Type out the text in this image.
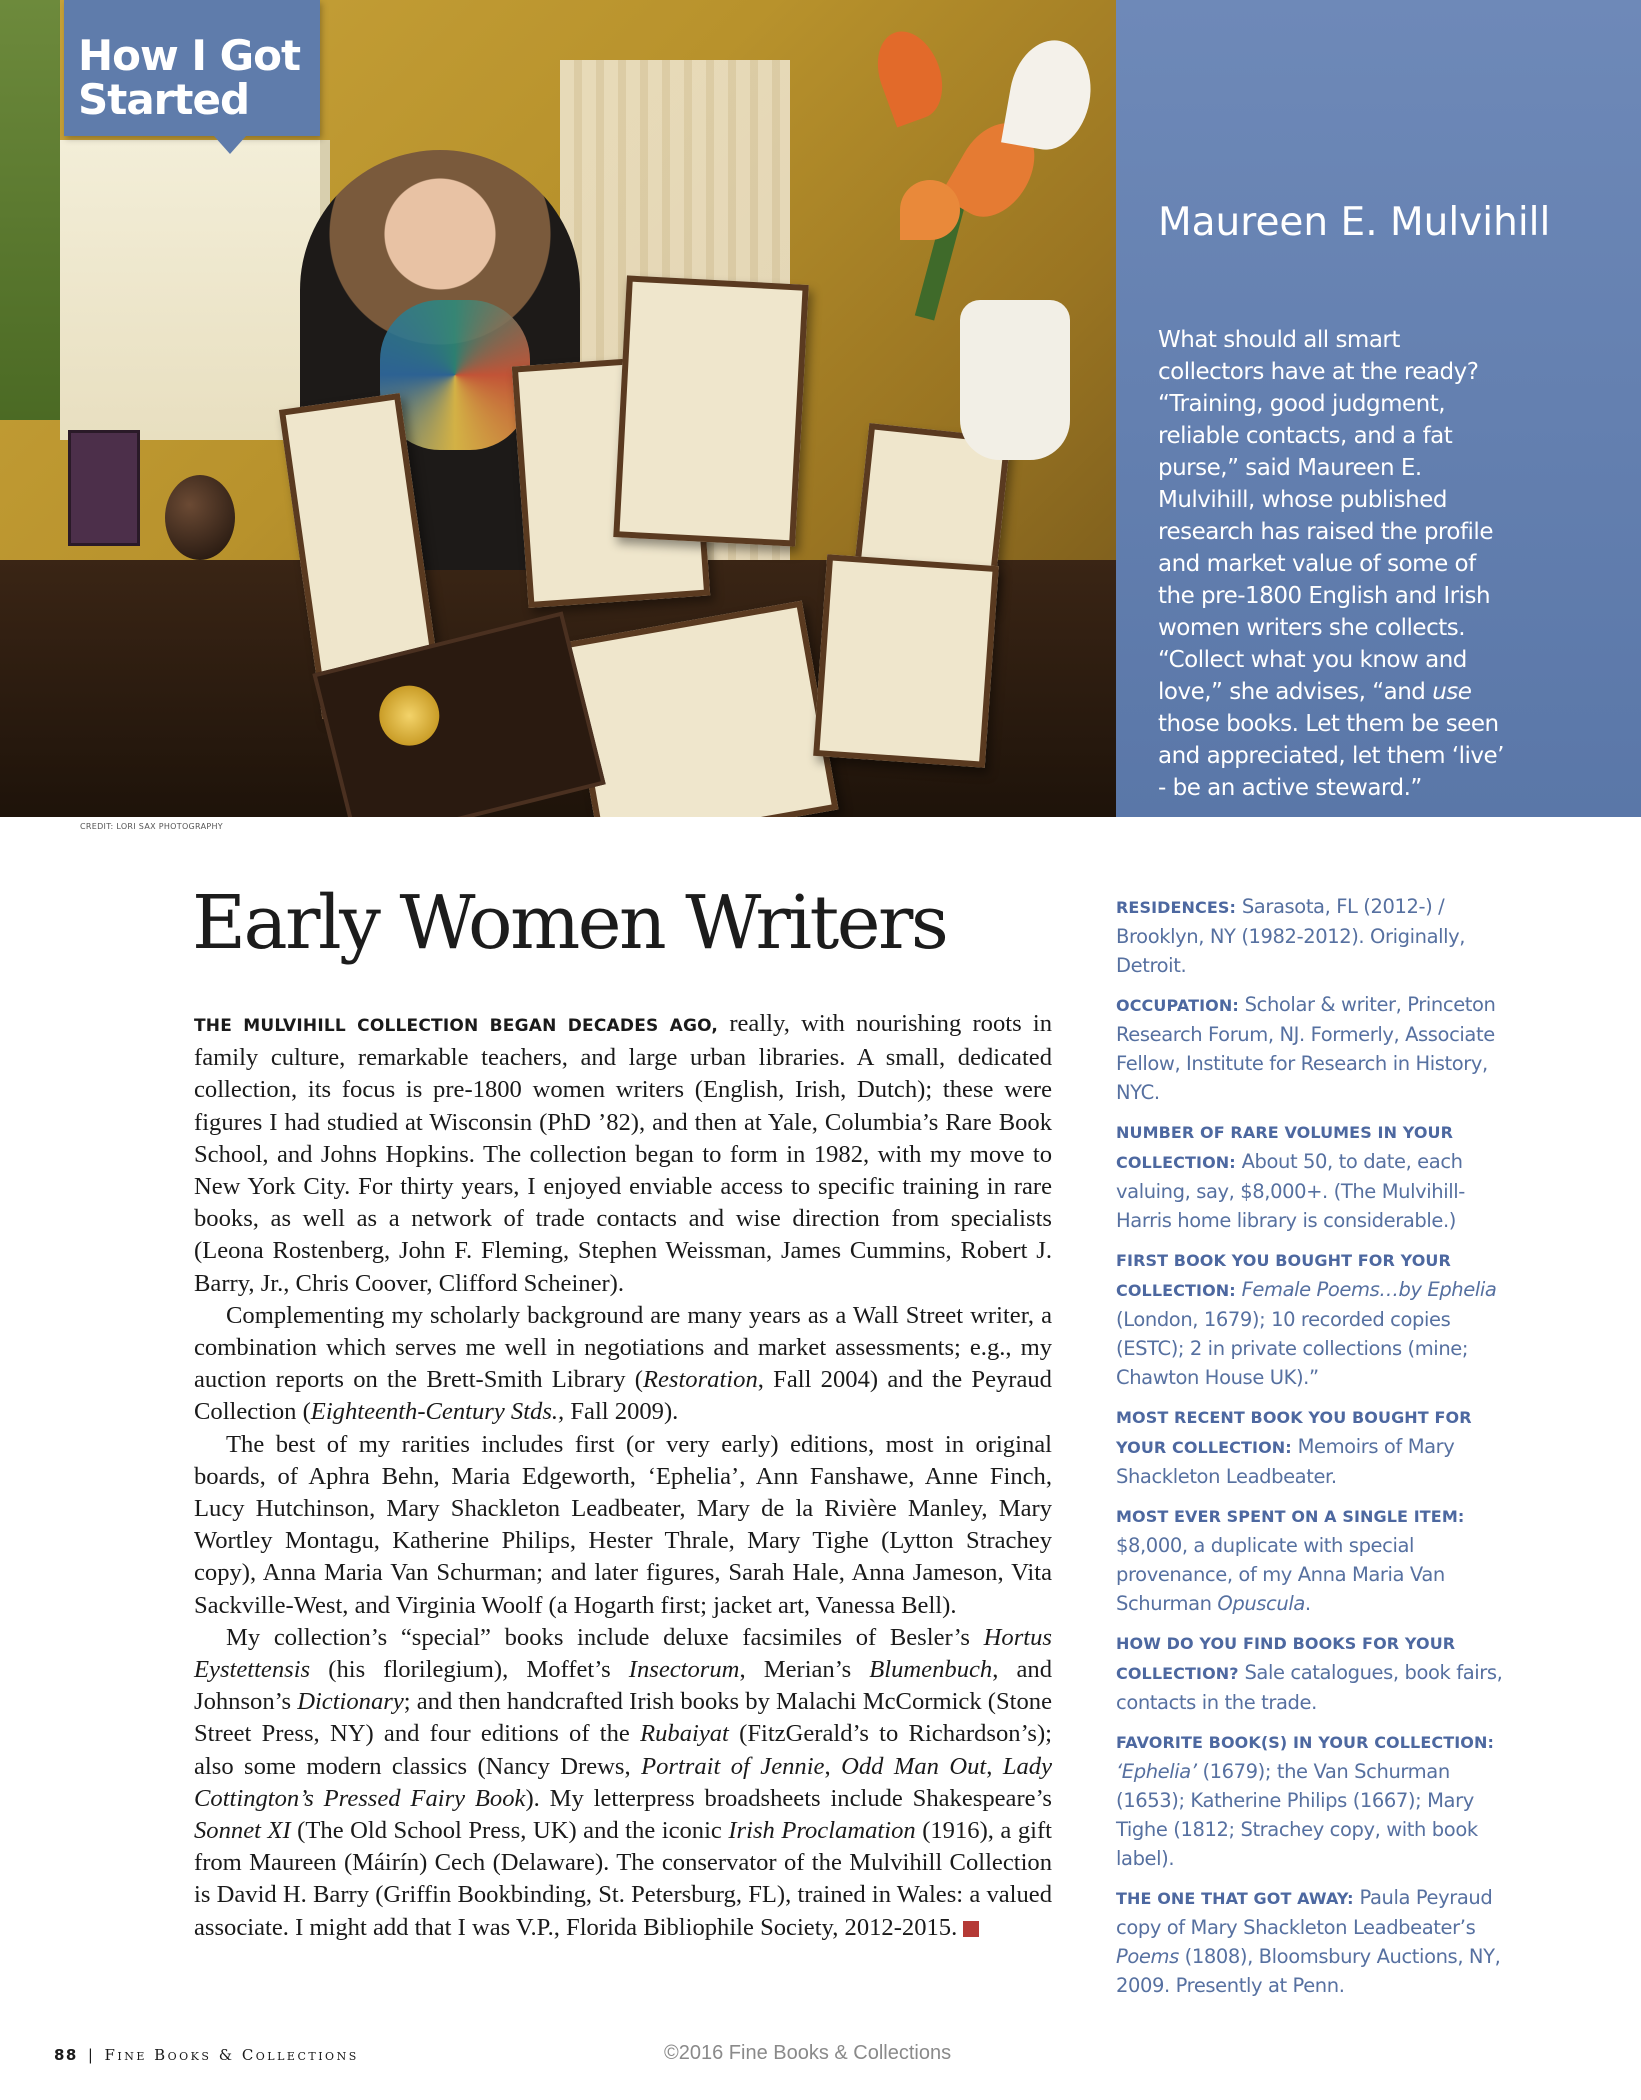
How I Got
Started
CREDIT: LORI SAX PHOTOGRAPHY
Maureen E. Mulvihill
What should all smart collectors have at the ready? “Training, good judgment, reliable contacts, and a fat purse,” said Maureen E. Mulvihill, whose published research has raised the profile and market value of some of the pre-1800 English and Irish women writers she collects. “Collect what you know and love,” she advises, “and use those books. Let them be seen and appreciated, let them ‘live’ - be an active steward.”
Early Women Writers

THE MULVIHILL COLLECTION BEGAN DECADES AGO, really, with nourishing roots in family culture, remarkable teachers, and large urban libraries. A small, dedicated collection, its focus is pre-1800 women writers (English, Irish, Dutch); these were figures I had studied at Wisconsin (PhD ’82), and then at Yale, Columbia’s Rare Book School, and Johns Hopkins. The collection began to form in 1982, with my move to New York City. For thirty years, I enjoyed enviable access to specific training in rare books, as well as a network of trade contacts and wise direction from specialists (Leona Rostenberg, John F. Fleming, Stephen Weissman, James Cummins, Robert J. Barry, Jr., Chris Coover, Clifford Scheiner).

Complementing my scholarly background are many years as a Wall Street writer, a combination which serves me well in negotiations and market assessments; e.g., my auction reports on the Brett-Smith Library (Restoration, Fall 2004) and the Peyraud Collection (Eighteenth-Century Stds., Fall 2009).

The best of my rarities includes first (or very early) editions, most in original boards, of Aphra Behn, Maria Edgeworth, ‘Ephelia’, Ann Fanshawe, Anne Finch, Lucy Hutchinson, Mary Shackleton Leadbeater, Mary de la Rivière Manley, Mary Wortley Montagu, Katherine Philips, Hester Thrale, Mary Tighe (Lytton Strachey copy), Anna Maria Van Schurman; and later figures, Sarah Hale, Anna Jameson, Vita Sackville-West, and Virginia Woolf (a Hogarth first; jacket art, Vanessa Bell).

My collection’s “special” books include deluxe facsimiles of Besler’s Hortus Eystettensis (his florilegium), Moffet’s Insectorum, Merian’s Blumenbuch, and Johnson’s Dictionary; and then handcrafted Irish books by Malachi McCormick (Stone Street Press, NY) and four editions of the Rubaiyat (FitzGerald’s to Richardson’s); also some modern classics (Nancy Drews, Portrait of Jennie, Odd Man Out, Lady Cottington’s Pressed Fairy Book). My letterpress broadsheets include Shakespeare’s Sonnet XI (The Old School Press, UK) and the iconic Irish Proclamation (1916), a gift from Maureen (Máirín) Cech (Delaware). The conservator of the Mulvihill Collection is David H. Barry (Griffin Bookbinding, St. Petersburg, FL), trained in Wales: a valued associate. I might add that I was V.P., Florida Bibliophile Society, 2012-2015.	C

RESIDENCES: Sarasota, FL (2012-) / Brooklyn, NY (1982-2012). Originally, Detroit.
OCCUPATION: Scholar & writer, Princeton Research Forum, NJ. Formerly, Associate Fellow, Institute for Research in History, NYC.
NUMBER OF RARE VOLUMES IN YOUR COLLECTION: About 50, to date, each valuing, say, $8,000+. (The Mulvihill-Harris home library is considerable.)
FIRST BOOK YOU BOUGHT FOR YOUR COLLECTION: Female Poems…by Ephelia (London, 1679); 10 recorded copies (ESTC); 2 in private collections (mine; Chawton House UK).”
MOST RECENT BOOK YOU BOUGHT FOR YOUR COLLECTION: Memoirs of Mary Shackleton Leadbeater.
MOST EVER SPENT ON A SINGLE ITEM: $8,000, a duplicate with special provenance, of my Anna Maria Van Schurman Opuscula.
HOW DO YOU FIND BOOKS FOR YOUR COLLECTION? Sale catalogues, book fairs, contacts in the trade.
FAVORITE BOOK(S) IN YOUR COLLECTION: ‘Ephelia’ (1679); the Van Schurman (1653); Katherine Philips (1667); Mary Tighe (1812; Strachey copy, with book label).
THE ONE THAT GOT AWAY: Paula Peyraud copy of Mary Shackleton Leadbeater’s Poems (1808), Bloomsbury Auctions, NY, 2009. Presently at Penn.
88 | Fine Books & Collections	©2016 Fine Books & Collections
